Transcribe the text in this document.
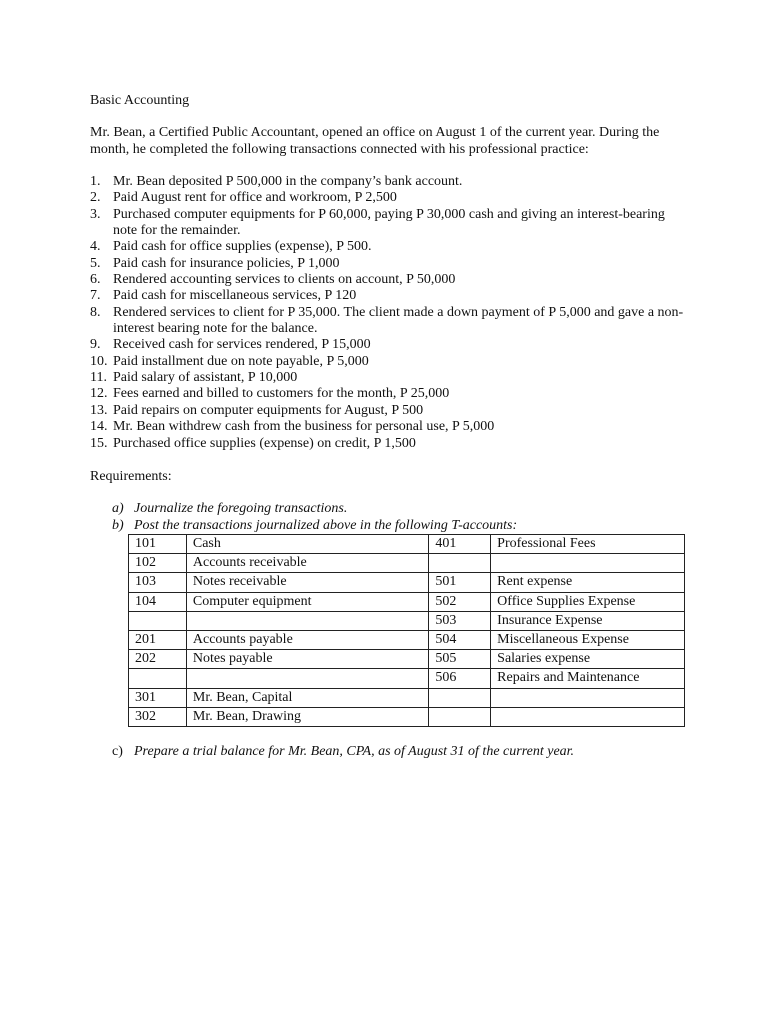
Basic Accounting
Mr. Bean, a Certified Public Accountant, opened an office on August 1 of the current year. During the month, he completed the following transactions connected with his professional practice:
1. Mr. Bean deposited P 500,000 in the company’s bank account.
2. Paid August rent for office and workroom, P 2,500
3. Purchased computer equipments for P 60,000, paying P 30,000 cash and giving an interest-bearing note for the remainder.
4. Paid cash for office supplies (expense), P 500.
5. Paid cash for insurance policies, P 1,000
6. Rendered accounting services to clients on account, P 50,000
7. Paid cash for miscellaneous services, P 120
8. Rendered services to client for P 35,000. The client made a down payment of P 5,000 and gave a non-interest bearing note for the balance.
9. Received cash for services rendered, P 15,000
10. Paid installment due on note payable, P 5,000
11. Paid salary of assistant, P 10,000
12. Fees earned and billed to customers for the month, P 25,000
13. Paid repairs on computer equipments for August, P 500
14. Mr. Bean withdrew cash from the business for personal use, P 5,000
15. Purchased office supplies (expense) on credit, P 1,500
Requirements:
a) Journalize the foregoing transactions.
b) Post the transactions journalized above in the following T-accounts:
101	Cash	401	Professional Fees
102	Accounts receivable		
103	Notes receivable	501	Rent expense
104	Computer equipment	502	Office Supplies Expense
		503	Insurance Expense
201	Accounts payable	504	Miscellaneous Expense
202	Notes payable	505	Salaries expense
		506	Repairs and Maintenance
301	Mr. Bean, Capital		
302	Mr. Bean, Drawing		
c) Prepare a trial balance for Mr. Bean, CPA, as of August 31 of the current year.
